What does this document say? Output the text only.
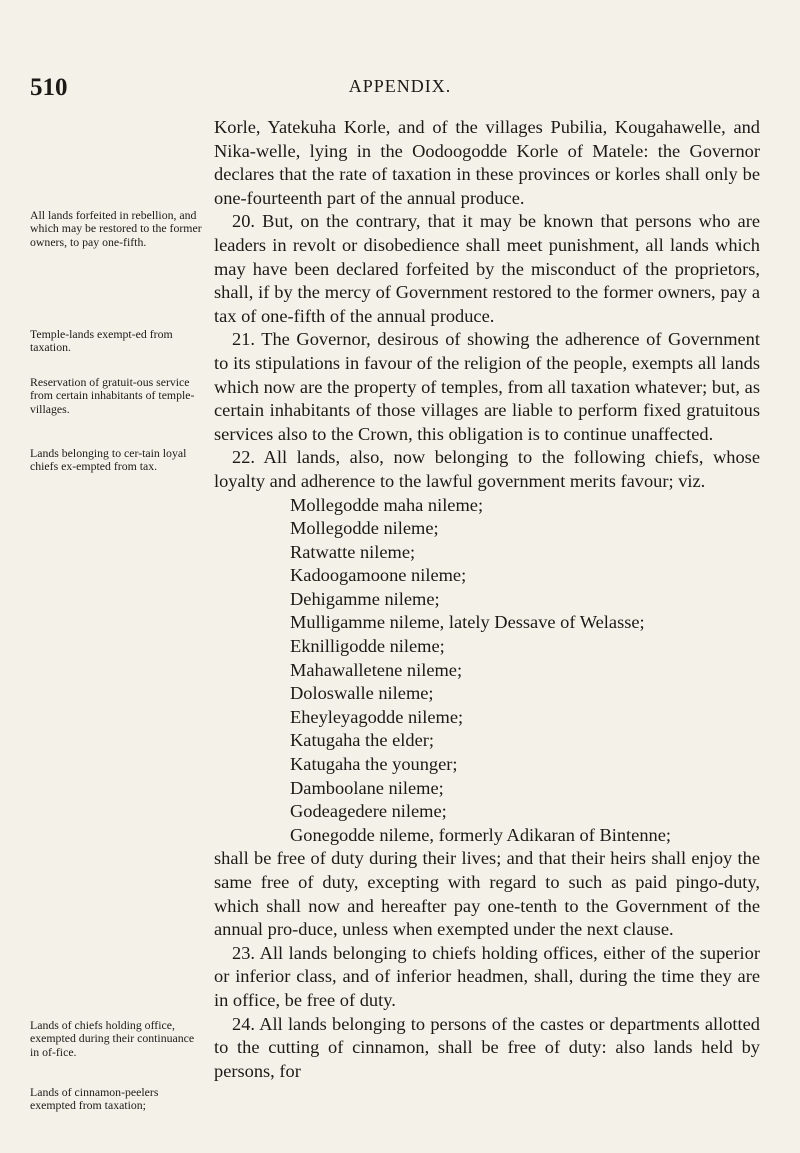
510	APPENDIX.

Korle, Yatekuha Korle, and of the villages Pubilia, Kougahawelle, and Nika-welle, lying in the Oodoogodde Korle of Matele: the Governor declares that the rate of taxation in these provinces or korles shall only be one-fourteenth part of the annual produce.

20. But, on the contrary, that it may be known that persons who are leaders in revolt or disobedience shall meet punishment, all lands which may have been declared forfeited by the misconduct of the proprietors, shall, if by the mercy of Government restored to the former owners, pay a tax of one-fifth of the annual produce.

21. The Governor, desirous of showing the adherence of Government to its stipulations in favour of the religion of the people, exempts all lands which now are the property of temples, from all taxation whatever; but, as certain inhabitants of those villages are liable to perform fixed gratuitous services also to the Crown, this obligation is to continue unaffected.

22. All lands, also, now belonging to the following chiefs, whose loyalty and adherence to the lawful government merits favour; viz.

Mollegodde maha nileme;
Mollegodde nileme;
Ratwatte nileme;
Kadoogamoone nileme;
Dehigamme nileme;
Mulligamme nileme, lately Dessave of Welasse;
Eknilligodde nileme;
Mahawalletene nileme;
Doloswalle nileme;
Eheyleyagodde nileme;
Katugaha the elder;
Katugaha the younger;
Damboolane nileme;
Godeagedere nileme;
Gonegodde nileme, formerly Adikaran of Bintenne;

shall be free of duty during their lives; and that their heirs shall enjoy the same free of duty, excepting with regard to such as paid pingo-duty, which shall now and hereafter pay one-tenth to the Government of the annual pro-duce, unless when exempted under the next clause.

23. All lands belonging to chiefs holding offices, either of the superior or inferior class, and of inferior headmen, shall, during the time they are in office, be free of duty.

24. All lands belonging to persons of the castes or departments allotted to the cutting of cinnamon, shall be free of duty: also lands held by persons, for

All lands forfeited in rebellion, and which may be restored to the former owners, to pay one-fifth.

Temple-lands exempt-ed from taxation.

Reservation of gratuit-ous service from certain inhabitants of temple-villages.

Lands belonging to cer-tain loyal chiefs ex-empted from tax.

Lands of chiefs holding office, exempted during their continuance in of-fice.

Lands of cinnamon-peelers exempted from taxation;
